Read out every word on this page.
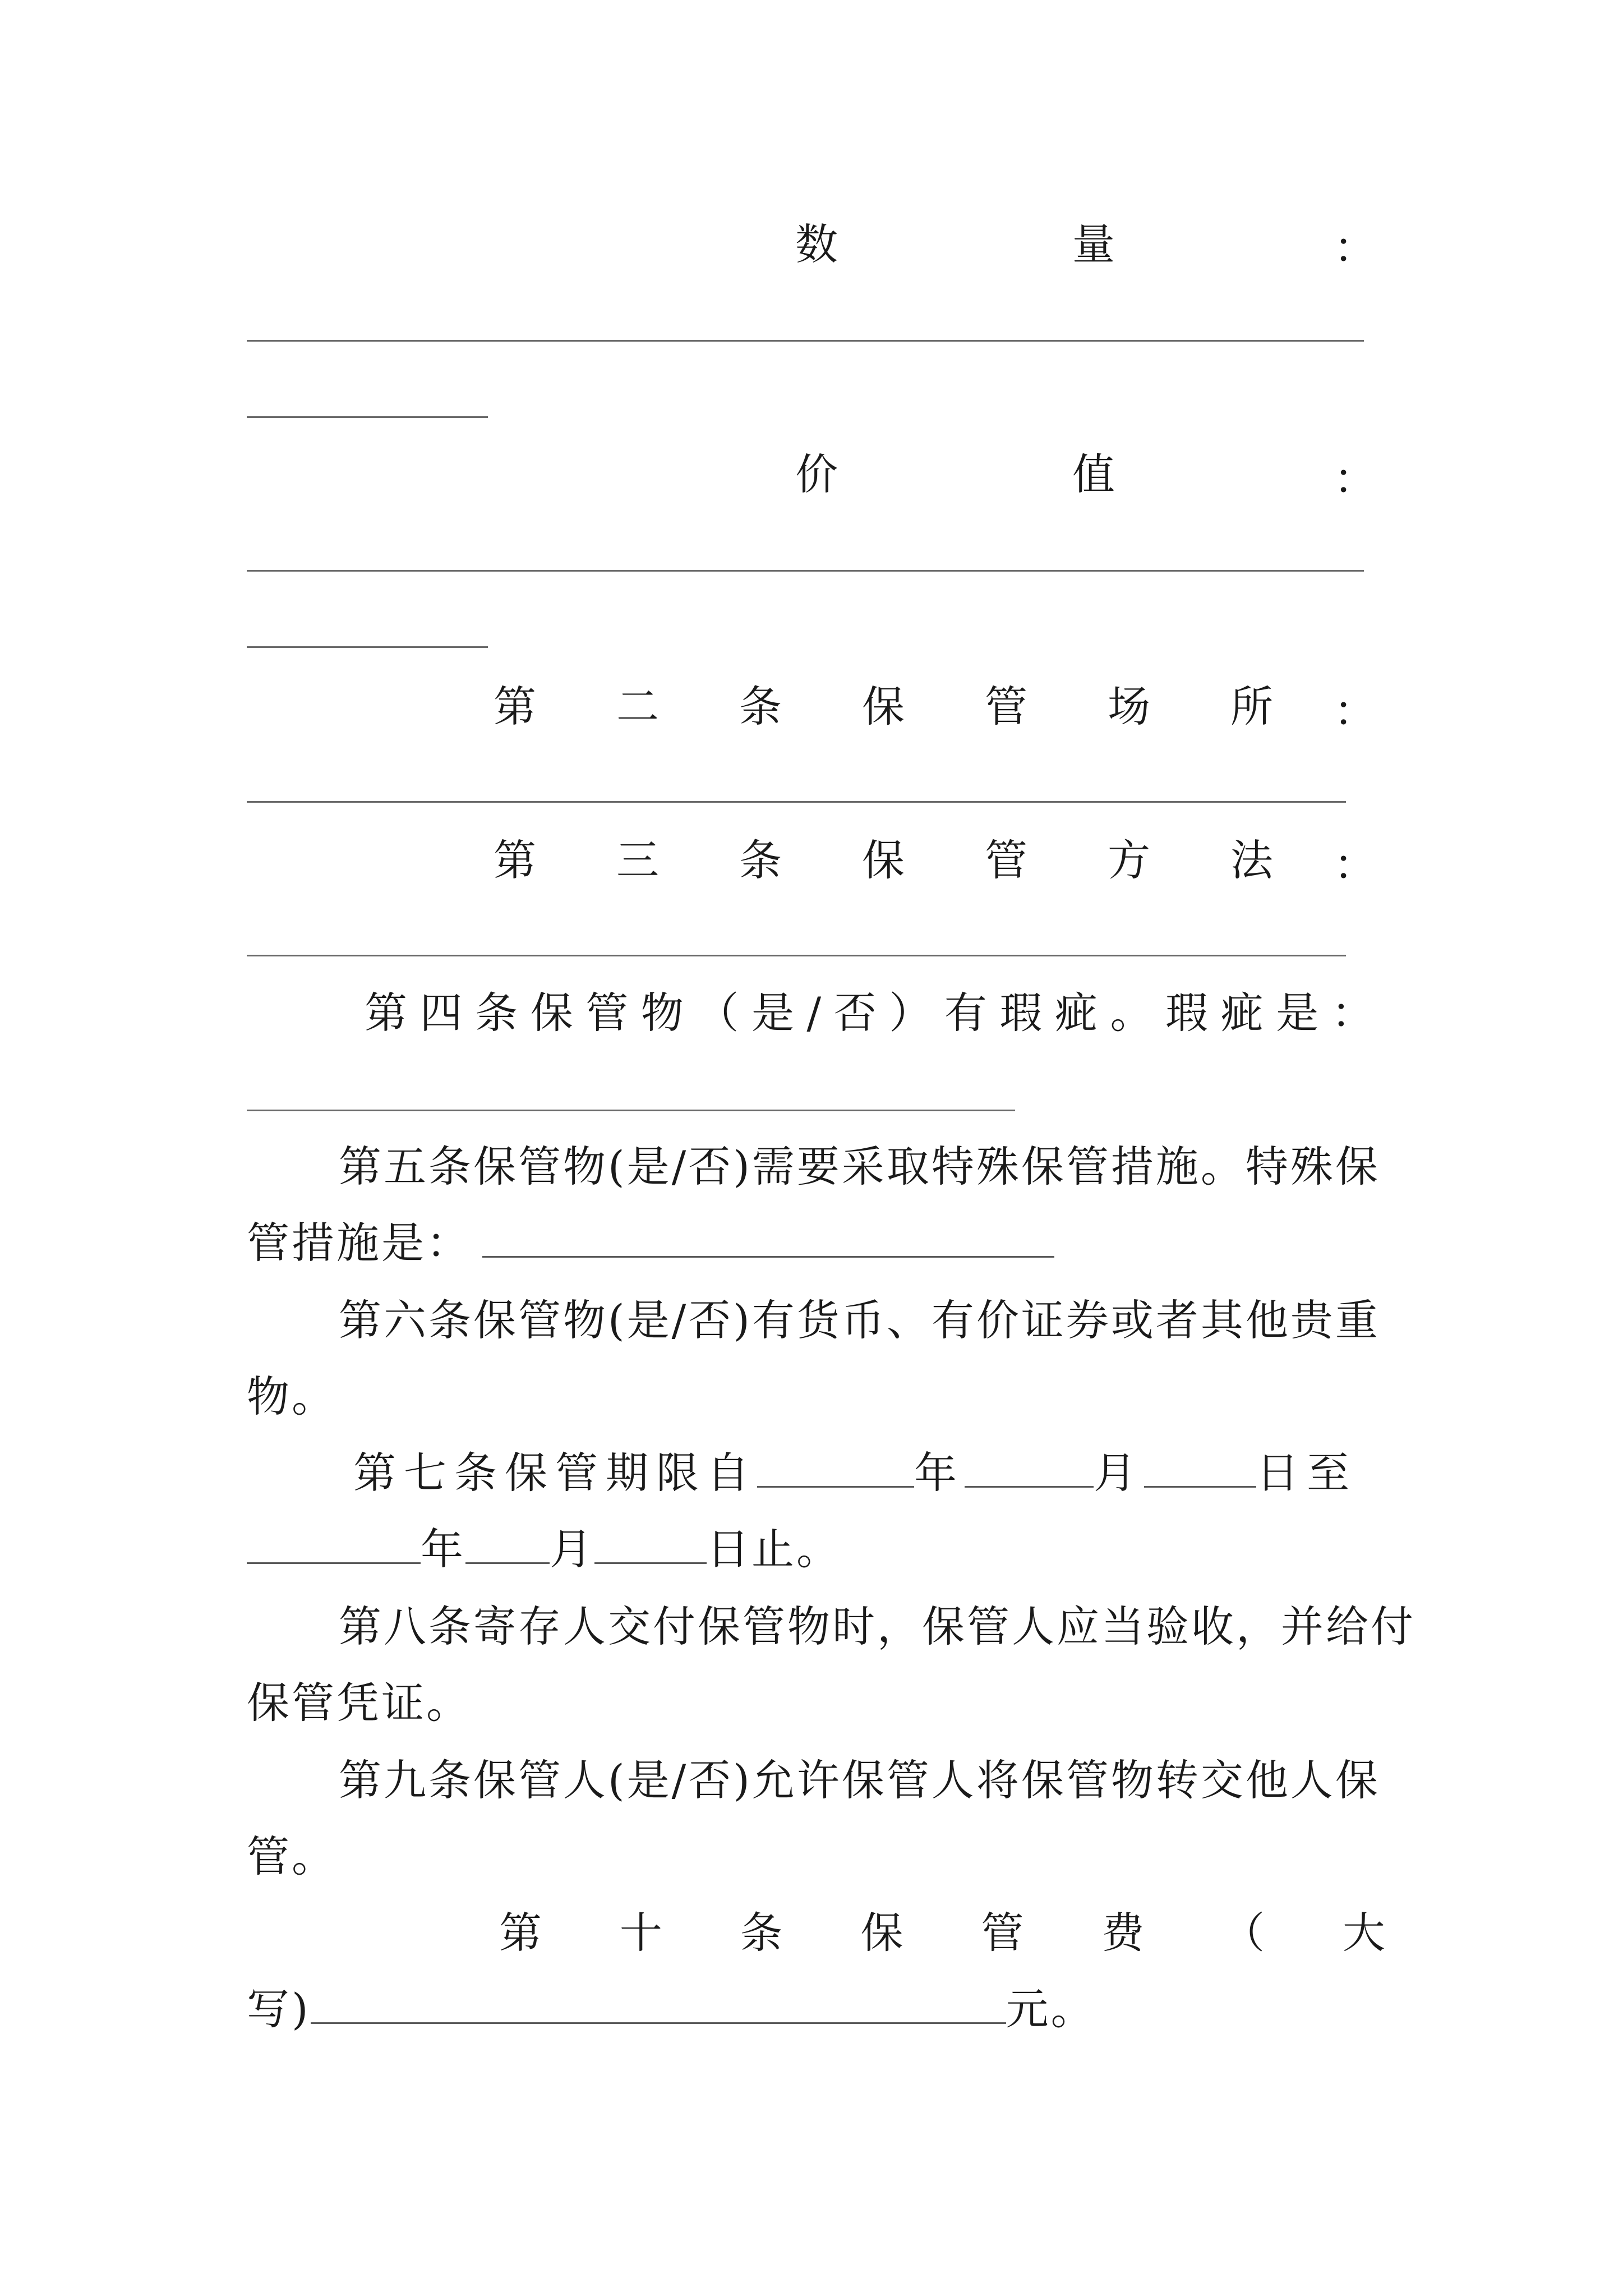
数	量	：
价	值	：
第 二 条 保 管 场 所 ：
第 三 条 保 管 方 法 ：
第 四 条 保 管 物 （ 是 / 否 ） 有 瑕 疵 。 瑕 疵 是 ：
第五条保管物(是/否)需要采取特殊保管措施。特殊保
管措施是：
第六条保管物(是/否)有货币、有价证券或者其他贵重
物。
第七条保管期限自	年	月	日至
年 月	日止。
第八条寄存人交付保管物时，保管人应当验收，并给付
保管凭证。
第九条保管人(是/否)允许保管人将保管物转交他人保
管。
第 十 条 保 管 费 （ 大
写)	元。
